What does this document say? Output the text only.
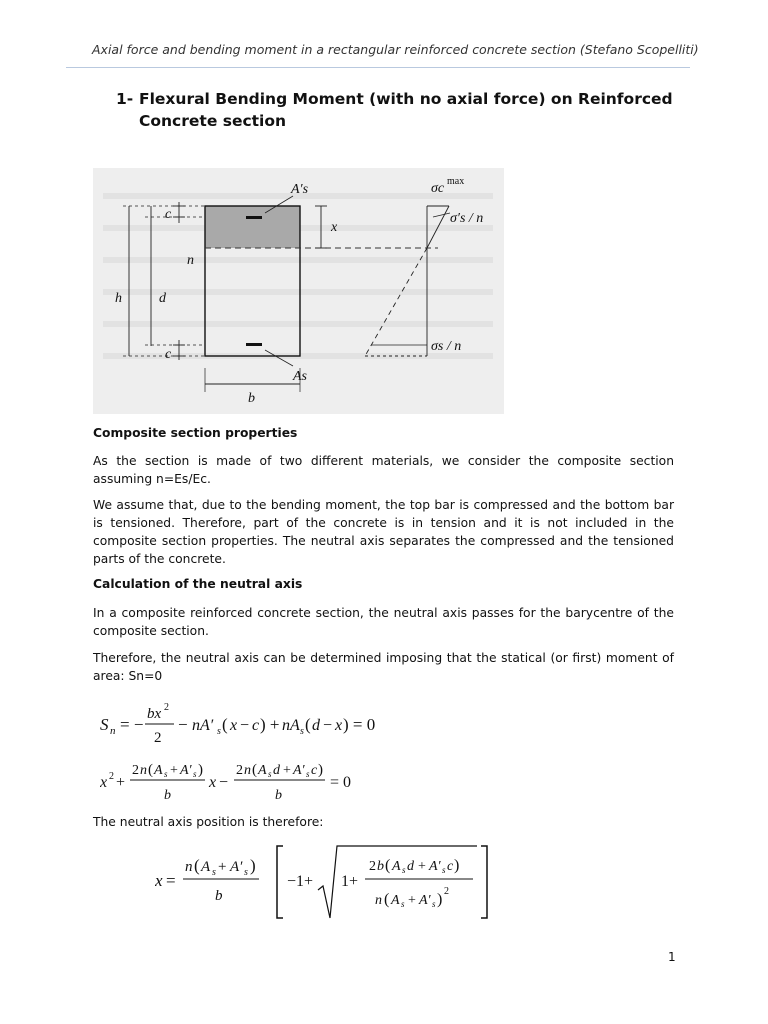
Axial force and bending moment in a rectangular reinforced concrete section (Stefano Scopelliti)
1- Flexural Bending Moment (with no axial force) on Reinforced Concrete section
A′s
As
c
c
h	d
x
n
b
σc
σ′s / n
σs / n
max
Composite section properties

As the section is made of two different materials, we consider the composite section assuming n=Es/Ec.

We assume that, due to the bending moment, the top bar is compressed and the bottom bar is tensioned. Therefore, part of the concrete is in tension and it is not included in the composite section properties. The neutral axis separates the compressed and the tensioned parts of the concrete.

Calculation of the neutral axis

In a composite reinforced concrete section, the neutral axis passes for the barycentre of the composite section.

Therefore, the neutral axis can be determined imposing that the statical (or first) moment of area: Sn=0

S n = −
bx 2
2
− nA′ s ( x − c ) + nA s ( d − x ) = 0
x 2 +
2 n ( A s + A′ s )
b
x −
2 n ( A s d + A′ s c )
b
= 0

The neutral axis position is therefore:

x =
n ( A s + A′ s )
b
−1+ 1+
2 b ( A s d + A′ s c )
n ( A s + A′ s ) 2
1
